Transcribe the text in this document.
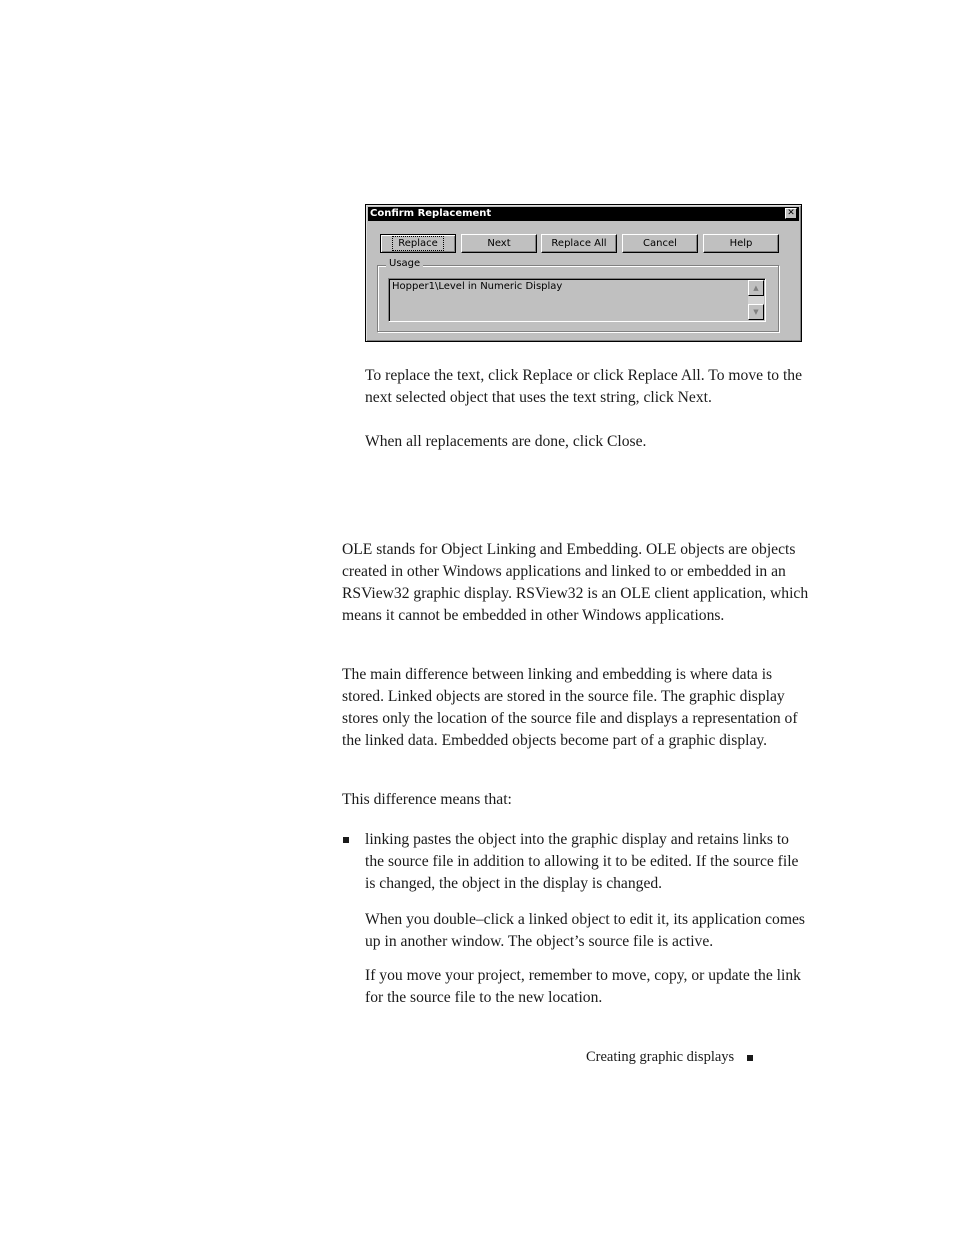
Confirm Replacement	✕
Replace	Next	Replace All	Cancel	Help
Usage
Hopper1\Level in Numeric Display	▲
▼

To replace the text, click Replace or click Replace All. To move to the next selected object that uses the text string, click Next.

When all replacements are done, click Close.

OLE stands for Object Linking and Embedding. OLE objects are objects created in other Windows applications and linked to or embedded in an RSView32 graphic display. RSView32 is an OLE client application, which means it cannot be embedded in other Windows applications.

The main difference between linking and embedding is where data is stored. Linked objects are stored in the source file. The graphic display stores only the location of the source file and displays a representation of the linked data. Embedded objects become part of a graphic display.

This difference means that:

linking pastes the object into the graphic display and retains links to the source file in addition to allowing it to be edited. If the source file is changed, the object in the display is changed.

When you double–click a linked object to edit it, its application comes up in another window. The object’s source file is active.

If you move your project, remember to move, copy, or update the link for the source file to the new location.

Creating graphic displays
